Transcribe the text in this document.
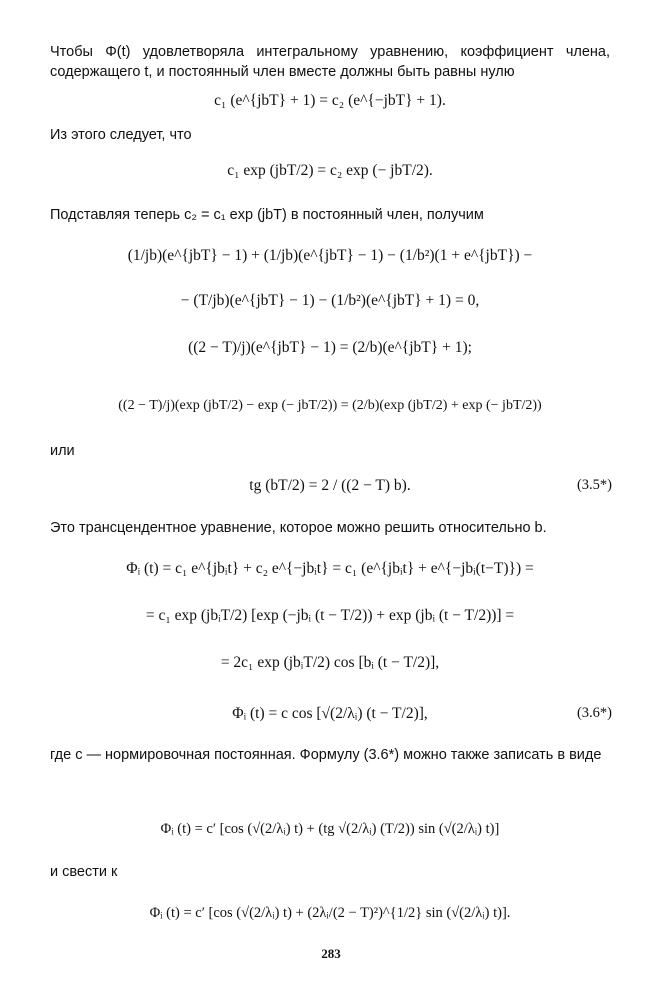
Чтобы Φ(t) удовлетворяла интегральному уравнению, коэффициент члена, содержащего t, и постоянный член вместе должны быть равны нулю
c₁ (e^{jbT} + 1) = c₂ (e^{−jbT} + 1).
Из этого следует, что
c₁ exp (jbT/2) = c₂ exp (− jbT/2).
Подставляя теперь c₂ = c₁ exp (jbT) в постоянный член, получим
(1/jb)(e^{jbT} − 1) + (1/jb)(e^{jbT} − 1) − (1/b²)(1 + e^{jbT}) −
− (T/jb)(e^{jbT} − 1) − (1/b²)(e^{jbT} + 1) = 0,
((2 − T)/j)(e^{jbT} − 1) = (2/b)(e^{jbT} + 1);
((2 − T)/j)(exp (jbT/2) − exp (− jbT/2)) = (2/b)(exp (jbT/2) + exp (− jbT/2))
или
tg (bT/2) = 2 / ((2 − T) b).	(3.5*)
Это трансцендентное уравнение, которое можно решить относительно b.
Φᵢ (t) = c₁ e^{jbᵢt} + c₂ e^{−jbᵢt} = c₁ (e^{jbᵢt} + e^{−jbᵢ(t−T)}) =
= c₁ exp (jbᵢT/2) [exp (−jbᵢ (t − T/2)) + exp (jbᵢ (t − T/2))] =
= 2c₁ exp (jbᵢT/2) cos [bᵢ (t − T/2)],
Φᵢ (t) = c cos [√(2/λᵢ) (t − T/2)],	(3.6*)
где c — нормировочная постоянная. Формулу (3.6*) можно также записать в виде
Φᵢ (t) = c′ [cos (√(2/λᵢ) t) + (tg √(2/λᵢ) (T/2)) sin (√(2/λᵢ) t)]
и свести к
Φᵢ (t) = c′ [cos (√(2/λᵢ) t) + (2λᵢ/(2 − T)²)^{1/2} sin (√(2/λᵢ) t)].
283
